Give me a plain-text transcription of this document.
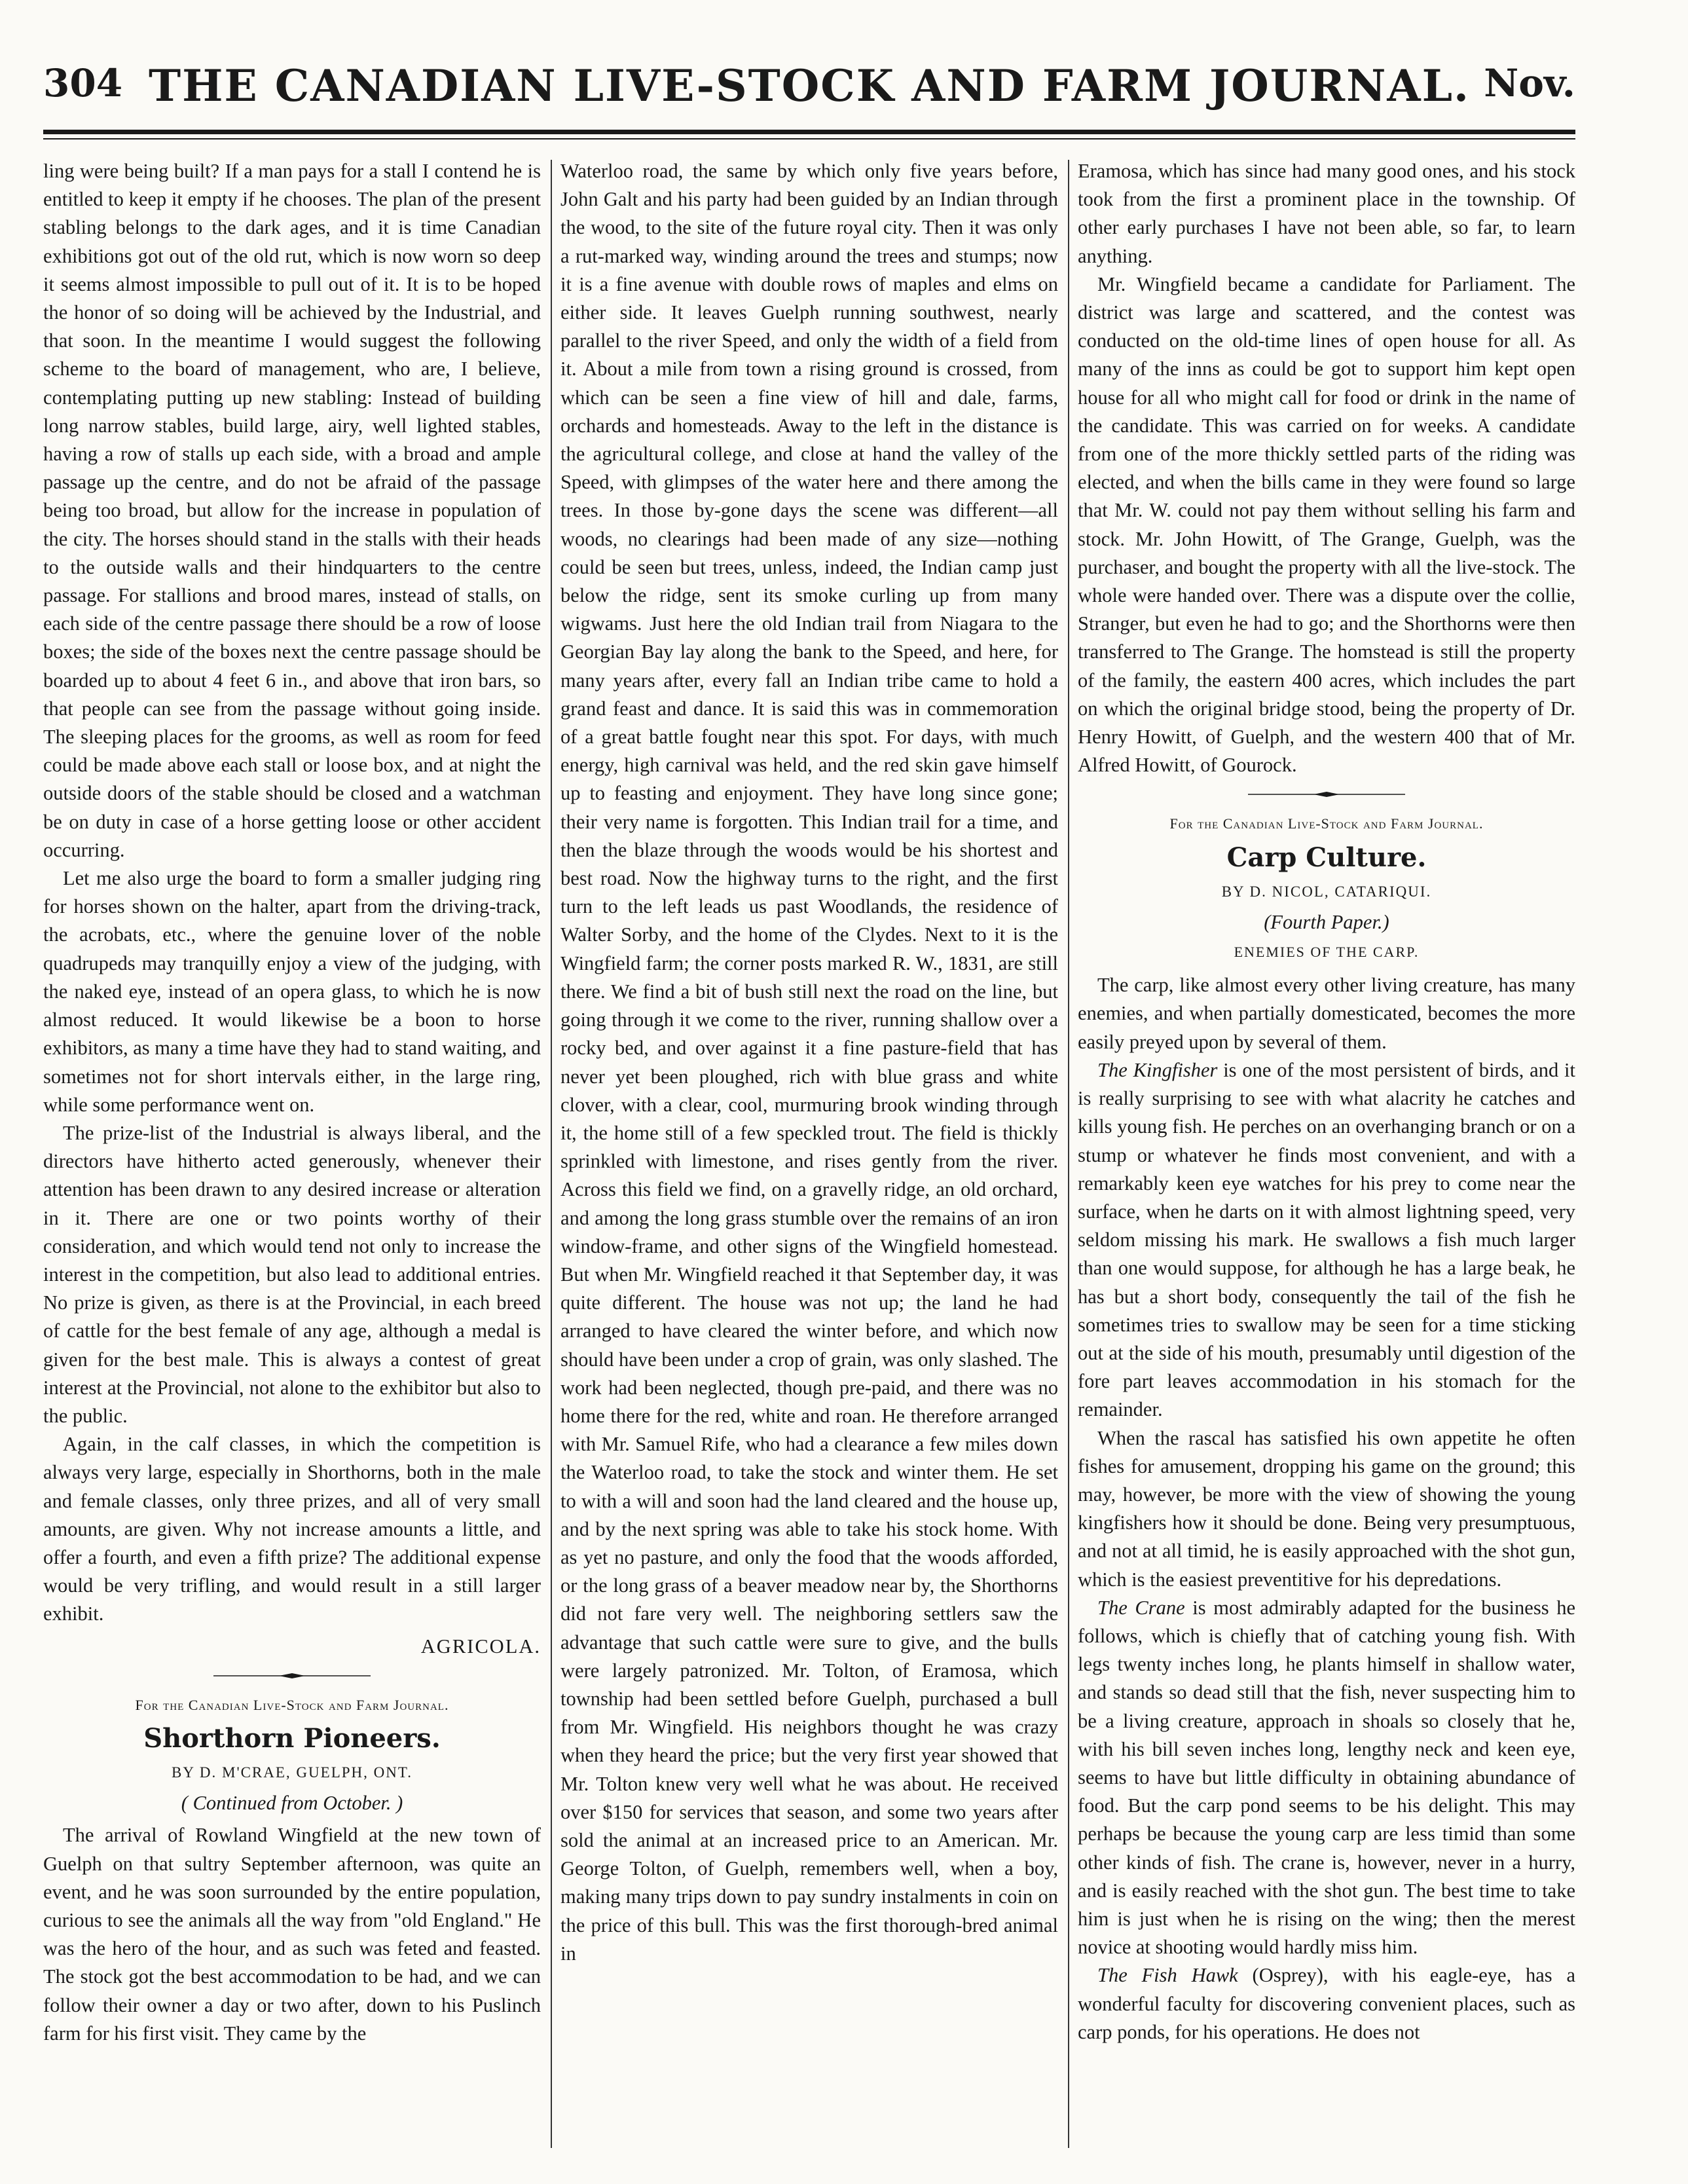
304 THE CANADIAN LIVE-STOCK AND FARM JOURNAL. Nov.

ling were being built? If a man pays for a stall I contend he is entitled to keep it empty if he chooses. The plan of the present stabling belongs to the dark ages, and it is time Canadian exhibitions got out of the old rut, which is now worn so deep it seems almost impossible to pull out of it. It is to be hoped the honor of so doing will be achieved by the Industrial, and that soon. In the meantime I would suggest the following scheme to the board of management, who are, I believe, contemplating putting up new stabling: Instead of building long narrow stables, build large, airy, well lighted stables, having a row of stalls up each side, with a broad and ample passage up the centre, and do not be afraid of the passage being too broad, but allow for the increase in population of the city. The horses should stand in the stalls with their heads to the outside walls and their hindquarters to the centre passage. For stallions and brood mares, instead of stalls, on each side of the centre passage there should be a row of loose boxes; the side of the boxes next the centre passage should be boarded up to about 4 feet 6 in., and above that iron bars, so that people can see from the passage without going inside. The sleeping places for the grooms, as well as room for feed could be made above each stall or loose box, and at night the outside doors of the stable should be closed and a watchman be on duty in case of a horse getting loose or other accident occurring.

Let me also urge the board to form a smaller judging ring for horses shown on the halter, apart from the driving-track, the acrobats, etc., where the genuine lover of the noble quadrupeds may tranquilly enjoy a view of the judging, with the naked eye, instead of an opera glass, to which he is now almost reduced. It would likewise be a boon to horse exhibitors, as many a time have they had to stand waiting, and sometimes not for short intervals either, in the large ring, while some performance went on.

The prize-list of the Industrial is always liberal, and the directors have hitherto acted generously, whenever their attention has been drawn to any desired increase or alteration in it. There are one or two points worthy of their consideration, and which would tend not only to increase the interest in the competition, but also lead to additional entries. No prize is given, as there is at the Provincial, in each breed of cattle for the best female of any age, although a medal is given for the best male. This is always a contest of great interest at the Provincial, not alone to the exhibitor but also to the public.

Again, in the calf classes, in which the competition is always very large, especially in Shorthorns, both in the male and female classes, only three prizes, and all of very small amounts, are given. Why not increase amounts a little, and offer a fourth, and even a fifth prize? The additional expense would be very trifling, and would result in a still larger exhibit.

AGRICOLA.
For the Canadian Live-Stock and Farm Journal.
Shorthorn Pioneers.
BY D. M'CRAE, GUELPH, ONT.
( Continued from October. )

The arrival of Rowland Wingfield at the new town of Guelph on that sultry September afternoon, was quite an event, and he was soon surrounded by the entire population, curious to see the animals all the way from "old England." He was the hero of the hour, and as such was feted and feasted. The stock got the best accommodation to be had, and we can follow their owner a day or two after, down to his Puslinch farm for his first visit. They came by the

Waterloo road, the same by which only five years before, John Galt and his party had been guided by an Indian through the wood, to the site of the future royal city. Then it was only a rut-marked way, winding around the trees and stumps; now it is a fine avenue with double rows of maples and elms on either side. It leaves Guelph running southwest, nearly parallel to the river Speed, and only the width of a field from it. About a mile from town a rising ground is crossed, from which can be seen a fine view of hill and dale, farms, orchards and homesteads. Away to the left in the distance is the agricultural college, and close at hand the valley of the Speed, with glimpses of the water here and there among the trees. In those by-gone days the scene was different—all woods, no clearings had been made of any size—nothing could be seen but trees, unless, indeed, the Indian camp just below the ridge, sent its smoke curling up from many wigwams. Just here the old Indian trail from Niagara to the Georgian Bay lay along the bank to the Speed, and here, for many years after, every fall an Indian tribe came to hold a grand feast and dance. It is said this was in commemoration of a great battle fought near this spot. For days, with much energy, high carnival was held, and the red skin gave himself up to feasting and enjoyment. They have long since gone; their very name is forgotten. This Indian trail for a time, and then the blaze through the woods would be his shortest and best road. Now the highway turns to the right, and the first turn to the left leads us past Woodlands, the residence of Walter Sorby, and the home of the Clydes. Next to it is the Wingfield farm; the corner posts marked R. W., 1831, are still there. We find a bit of bush still next the road on the line, but going through it we come to the river, running shallow over a rocky bed, and over against it a fine pasture-field that has never yet been ploughed, rich with blue grass and white clover, with a clear, cool, murmuring brook winding through it, the home still of a few speckled trout. The field is thickly sprinkled with limestone, and rises gently from the river. Across this field we find, on a gravelly ridge, an old orchard, and among the long grass stumble over the remains of an iron window-frame, and other signs of the Wingfield homestead. But when Mr. Wingfield reached it that September day, it was quite different. The house was not up; the land he had arranged to have cleared the winter before, and which now should have been under a crop of grain, was only slashed. The work had been neglected, though pre-paid, and there was no home there for the red, white and roan. He therefore arranged with Mr. Samuel Rife, who had a clearance a few miles down the Waterloo road, to take the stock and winter them. He set to with a will and soon had the land cleared and the house up, and by the next spring was able to take his stock home. With as yet no pasture, and only the food that the woods afforded, or the long grass of a beaver meadow near by, the Shorthorns did not fare very well. The neighboring settlers saw the advantage that such cattle were sure to give, and the bulls were largely patronized. Mr. Tolton, of Eramosa, which township had been settled before Guelph, purchased a bull from Mr. Wingfield. His neighbors thought he was crazy when they heard the price; but the very first year showed that Mr. Tolton knew very well what he was about. He received over $150 for services that season, and some two years after sold the animal at an increased price to an American. Mr. George Tolton, of Guelph, remembers well, when a boy, making many trips down to pay sundry instalments in coin on the price of this bull. This was the first thorough-bred animal in

Eramosa, which has since had many good ones, and his stock took from the first a prominent place in the township. Of other early purchases I have not been able, so far, to learn anything.

Mr. Wingfield became a candidate for Parliament. The district was large and scattered, and the contest was conducted on the old-time lines of open house for all. As many of the inns as could be got to support him kept open house for all who might call for food or drink in the name of the candidate. This was carried on for weeks. A candidate from one of the more thickly settled parts of the riding was elected, and when the bills came in they were found so large that Mr. W. could not pay them without selling his farm and stock. Mr. John Howitt, of The Grange, Guelph, was the purchaser, and bought the property with all the live-stock. The whole were handed over. There was a dispute over the collie, Stranger, but even he had to go; and the Shorthorns were then transferred to The Grange. The homstead is still the property of the family, the eastern 400 acres, which includes the part on which the original bridge stood, being the property of Dr. Henry Howitt, of Guelph, and the western 400 that of Mr. Alfred Howitt, of Gourock.

For the Canadian Live-Stock and Farm Journal.
Carp Culture.
BY D. NICOL, CATARIQUI.
(Fourth Paper.)
ENEMIES OF THE CARP.

The carp, like almost every other living creature, has many enemies, and when partially domesticated, becomes the more easily preyed upon by several of them.

The Kingfisher is one of the most persistent of birds, and it is really surprising to see with what alacrity he catches and kills young fish. He perches on an overhanging branch or on a stump or whatever he finds most convenient, and with a remarkably keen eye watches for his prey to come near the surface, when he darts on it with almost lightning speed, very seldom missing his mark. He swallows a fish much larger than one would suppose, for although he has a large beak, he has but a short body, consequently the tail of the fish he sometimes tries to swallow may be seen for a time sticking out at the side of his mouth, presumably until digestion of the fore part leaves accommodation in his stomach for the remainder.

When the rascal has satisfied his own appetite he often fishes for amusement, dropping his game on the ground; this may, however, be more with the view of showing the young kingfishers how it should be done. Being very presumptuous, and not at all timid, he is easily approached with the shot gun, which is the easiest preventitive for his depredations.

The Crane is most admirably adapted for the business he follows, which is chiefly that of catching young fish. With legs twenty inches long, he plants himself in shallow water, and stands so dead still that the fish, never suspecting him to be a living creature, approach in shoals so closely that he, with his bill seven inches long, lengthy neck and keen eye, seems to have but little difficulty in obtaining abundance of food. But the carp pond seems to be his delight. This may perhaps be because the young carp are less timid than some other kinds of fish. The crane is, however, never in a hurry, and is easily reached with the shot gun. The best time to take him is just when he is rising on the wing; then the merest novice at shooting would hardly miss him.

The Fish Hawk (Osprey), with his eagle-eye, has a wonderful faculty for discovering convenient places, such as carp ponds, for his operations. He does not
